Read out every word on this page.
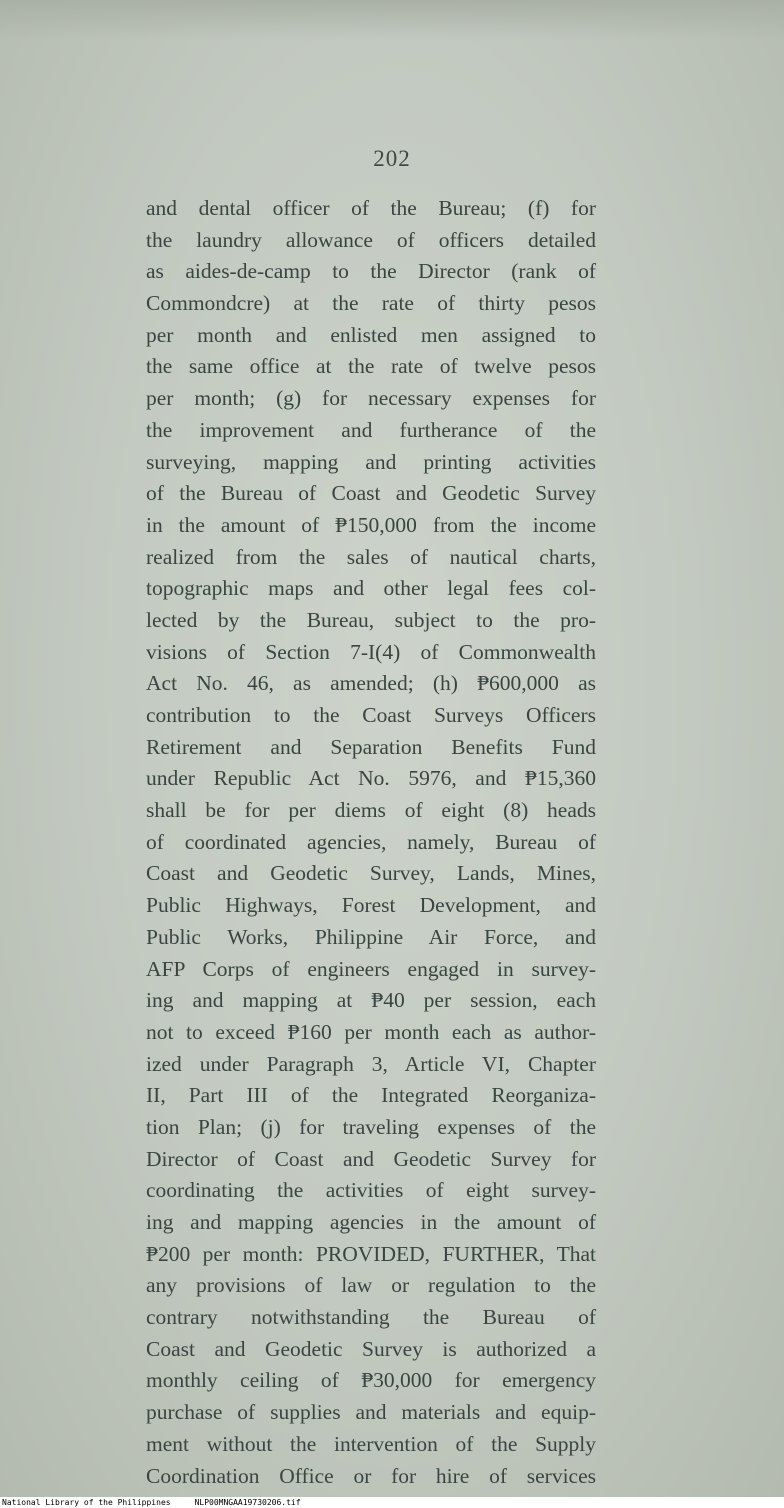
202
and dental officer of the Bureau; (f) for
the laundry allowance of officers detailed
as aides-de-camp to the Director (rank of
Commondcre) at the rate of thirty pesos
per month and enlisted men assigned to
the same office at the rate of twelve pesos
per month; (g) for necessary expenses for
the improvement and furtherance of the
surveying, mapping and printing activities
of the Bureau of Coast and Geodetic Survey
in the amount of ₱150,000 from the income
realized from the sales of nautical charts,
topographic maps and other legal fees col-
lected by the Bureau, subject to the pro-
visions of Section 7-I(4) of Commonwealth
Act No. 46, as amended; (h) ₱600,000 as
contribution to the Coast Surveys Officers
Retirement and Separation Benefits Fund
under Republic Act No. 5976, and ₱15,360
shall be for per diems of eight (8) heads
of coordinated agencies, namely, Bureau of
Coast and Geodetic Survey, Lands, Mines,
Public Highways, Forest Development, and
Public Works, Philippine Air Force, and
AFP Corps of engineers engaged in survey-
ing and mapping at ₱40 per session, each
not to exceed ₱160 per month each as author-
ized under Paragraph 3, Article VI, Chapter
II, Part III of the Integrated Reorganiza-
tion Plan; (j) for traveling expenses of the
Director of Coast and Geodetic Survey for
coordinating the activities of eight survey-
ing and mapping agencies in the amount of
₱200 per month: PROVIDED, FURTHER, That
any provisions of law or regulation to the
contrary notwithstanding the Bureau of
Coast and Geodetic Survey is authorized a
monthly ceiling of ₱30,000 for emergency
purchase of supplies and materials and equip-
ment without the intervention of the Supply
Coordination Office or for hire of services
National Library of the Philippines	NLP00MNGAA19730206.tif
